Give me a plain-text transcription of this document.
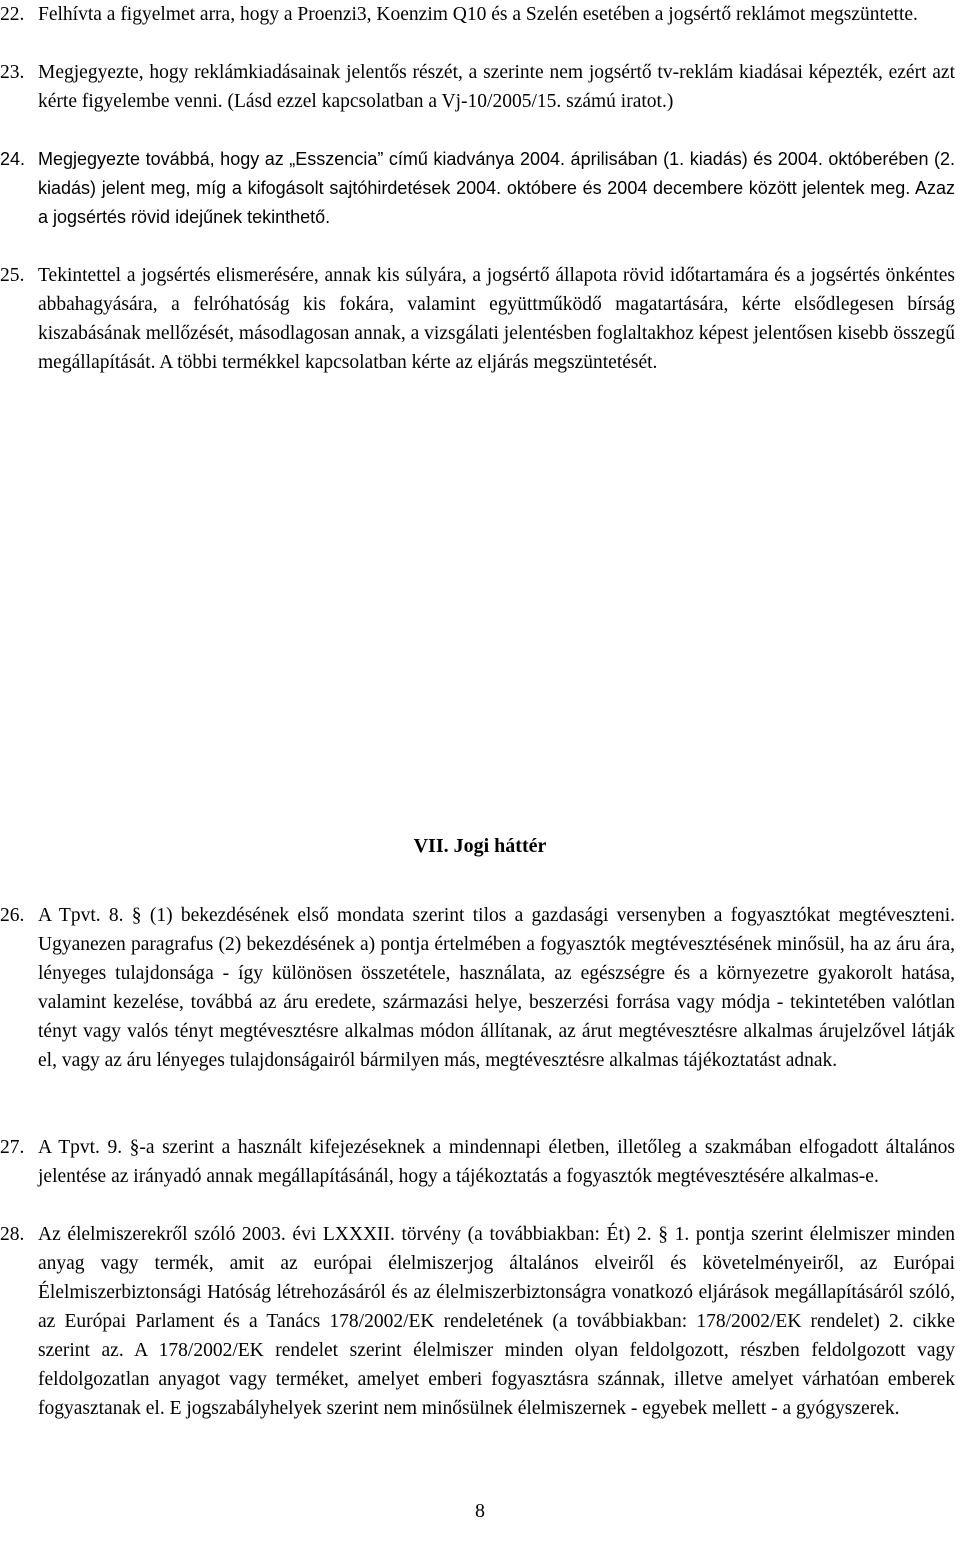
22. Felhívta a figyelmet arra, hogy a Proenzi3, Koenzim Q10 és a Szelén esetében a jogsértő reklámot megszüntette.
23. Megjegyezte, hogy reklámkiadásainak jelentős részét, a szerinte nem jogsértő tv-reklám kiadásai képezték, ezért azt kérte figyelembe venni. (Lásd ezzel kapcsolatban a Vj-10/2005/15. számú iratot.)
24. Megjegyezte továbbá, hogy az „Esszencia” című kiadványa 2004. áprilisában (1. kiadás) és 2004. októberében (2. kiadás) jelent meg, míg a kifogásolt sajtóhirdetések 2004. októbere és 2004 decembere között jelentek meg. Azaz a jogsértés rövid idejűnek tekinthető.
25. Tekintettel a jogsértés elismerésére, annak kis súlyára, a jogsértő állapota rövid időtartamára és a jogsértés önkéntes abbahagyására, a felróhatóság kis fokára, valamint együttműködő magatartására, kérte elsődlegesen bírság kiszabásának mellőzését, másodlagosan annak, a vizsgálati jelentésben foglaltakhoz képest jelentősen kisebb összegű megállapítását. A többi termékkel kapcsolatban kérte az eljárás megszüntetését.
VII. Jogi háttér
26. A Tpvt. 8. § (1) bekezdésének első mondata szerint tilos a gazdasági versenyben a fogyasztókat megtéveszteni. Ugyanezen paragrafus (2) bekezdésének a) pontja értelmében a fogyasztók megtévesztésének minősül, ha az áru ára, lényeges tulajdonsága - így különösen összetétele, használata, az egészségre és a környezetre gyakorolt hatása, valamint kezelése, továbbá az áru eredete, származási helye, beszerzési forrása vagy módja - tekintetében valótlan tényt vagy valós tényt megtévesztésre alkalmas módon állítanak, az árut megtévesztésre alkalmas árujelzővel látják el, vagy az áru lényeges tulajdonságairól bármilyen más, megtévesztésre alkalmas tájékoztatást adnak.
27. A Tpvt. 9. §-a szerint a használt kifejezéseknek a mindennapi életben, illetőleg a szakmában elfogadott általános jelentése az irányadó annak megállapításánál, hogy a tájékoztatás a fogyasztók megtévesztésére alkalmas-e.
28. Az élelmiszerekről szóló 2003. évi LXXXII. törvény (a továbbiakban: Ét) 2. § 1. pontja szerint élelmiszer minden anyag vagy termék, amit az európai élelmiszerjog általános elveiről és követelményeiről, az Európai Élelmiszerbiztonsági Hatóság létrehozásáról és az élelmiszerbiztonságra vonatkozó eljárások megállapításáról szóló, az Európai Parlament és a Tanács 178/2002/EK rendeletének (a továbbiakban: 178/2002/EK rendelet) 2. cikke szerint az. A 178/2002/EK rendelet szerint élelmiszer minden olyan feldolgozott, részben feldolgozott vagy feldolgozatlan anyagot vagy terméket, amelyet emberi fogyasztásra szánnak, illetve amelyet várhatóan emberek fogyasztanak el. E jogszabályhelyek szerint nem minősülnek élelmiszernek - egyebek mellett - a gyógyszerek.
8
